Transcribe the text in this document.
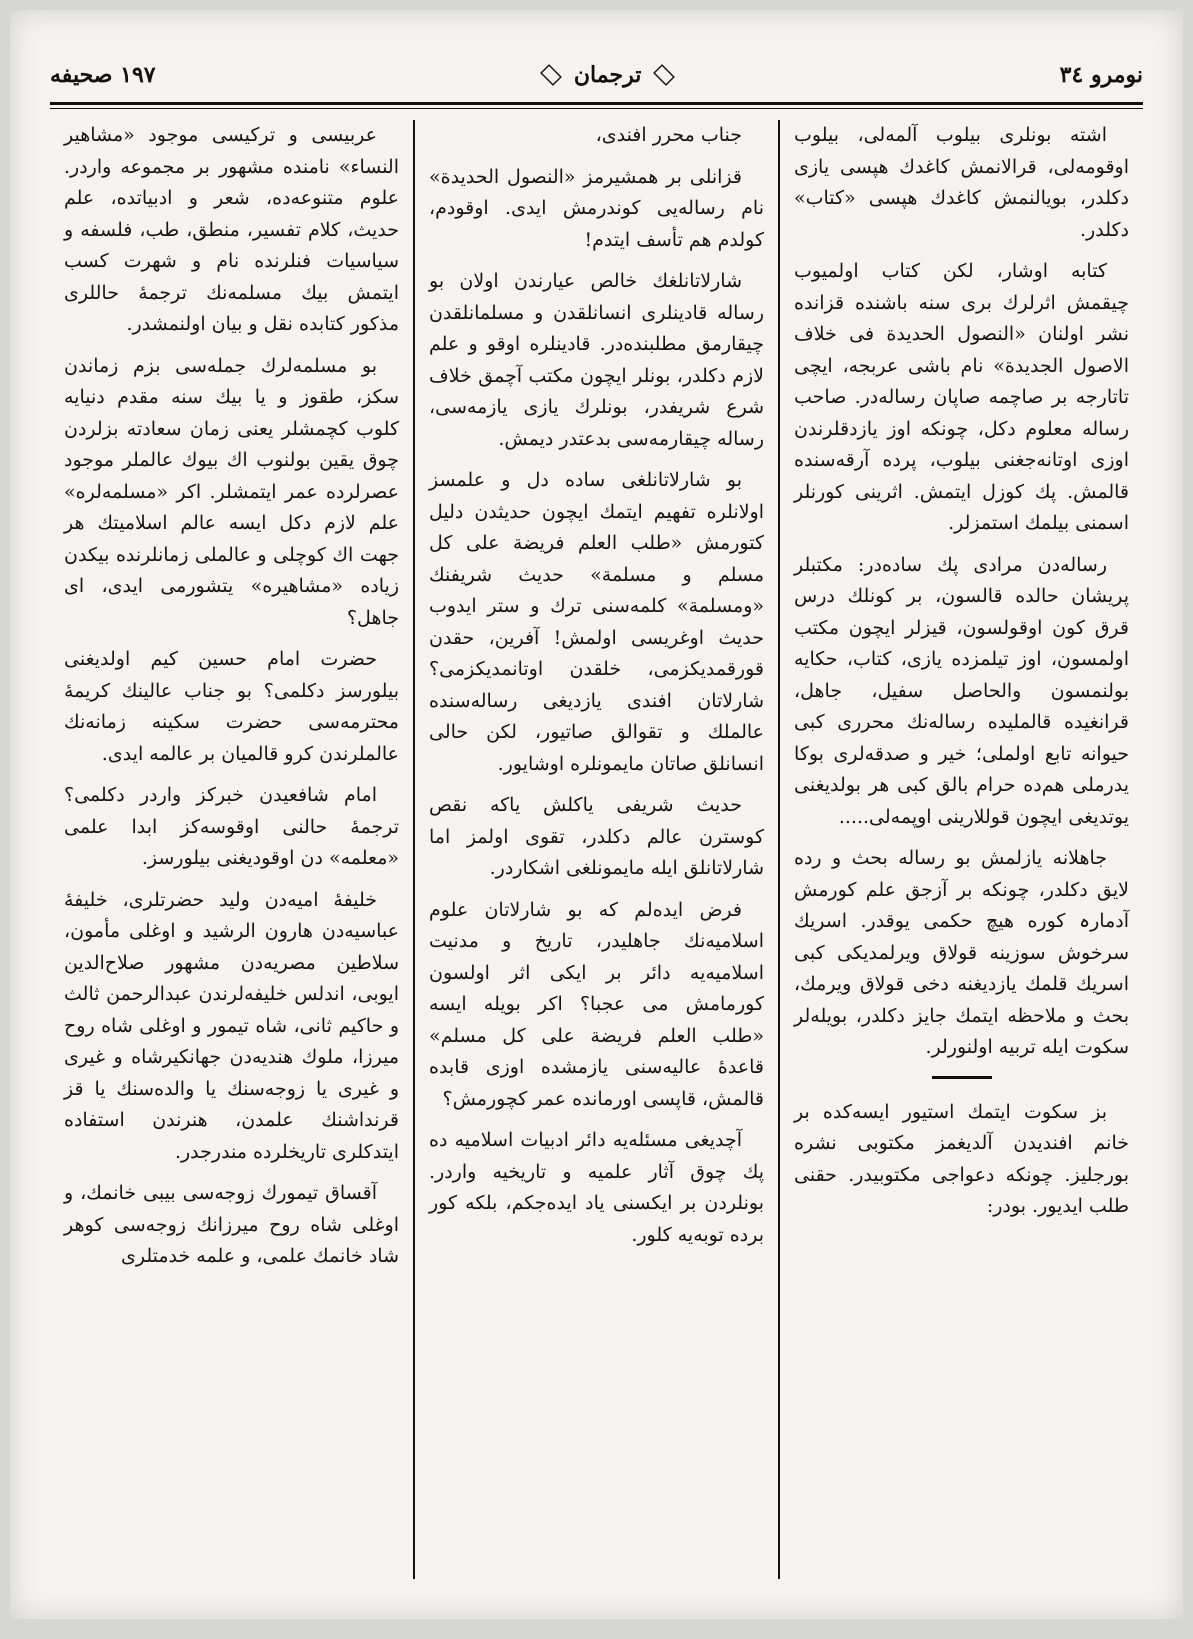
نومرو ٣٤
ترجمان
١٩٧ صحيفه

اشته بونلری بیلوب آلمه‌لی، بیلوب اوقومه‌لی، قرالانمش کاغدك هپسی یازی دکلدر، بویالنمش کاغدك هپسی «کتاب» دکلدر.

کتابه اوشار، لکن کتاب اولمیوب چیقمش اثرلرك بری سنه باشنده قزانده نشر اولنان «النصول الحدیدة فی خلاف الاصول الجدیدة» نام باشی عربجه، ایچی تاتارجه بر صاچمه صاپان رساله‌در. صاحب رساله معلوم دکل، چونکه اوز یازدقلرندن اوزی اوتانه‌جغنی بیلوب، پرده آرقه‌سنده قالمش. پك کوزل ایتمش. اثرینی کورنلر اسمنی بیلمك استمزلر.

رساله‌دن مرادی پك ساده‌در: مکتبلر پریشان حالده قالسون، بر کونلك درس قرق کون اوقولسون، قیزلر ایچون مکتب اولمسون، اوز تیلمزده یازی، کتاب، حکایه بولنمسون والحاصل سفیل، جاهل، قرانغیده قالملیده رساله‌نك محرری کبی حیوانه تابع اولملی؛ خیر و صدقه‌لری بوکا یدرملی هم‌ده حرام بالق کبی هر بولدیغنی یوتدیغی ایچون قوللارینی اوپمه‌لی.....

جاهلانه یازلمش بو رساله بحث و رده لایق دکلدر، چونکه بر آزجق علم کورمش آدمارہ کوره هیچ حکمی یوقدر. اسریك سرخوش سوزینه قولاق ویرلمدیکی کبی اسریك قلمك یازدیغنه دخی قولاق ویرمك، بحث و ملاحظه ایتمك جایز دکلدر، بویله‌لر سکوت ایله تربیه اولنورلر.

بز سکوت ایتمك استیور ایسه‌کده بر خانم افندیدن آلدیغمز مکتوبی نشره بورجلیز. چونکه دعواجی مکتوبیدر. حقنی طلب ایدیور. بودر:

جناب محرر افندی،

قزانلی بر همشیرمز «النصول الحدیدة» نام رساله‌یی کوندرمش ایدی. اوقودم، کولدم هم تأسف ایتدم!

شارلاتانلغك خالص عیارندن اولان بو رساله قادینلری انسانلقدن و مسلمانلقدن چیقارمق مطلبنده‌در. قادینلره اوقو و علم لازم دکلدر، بونلر ایچون مکتب آچمق خلاف شرع شریفدر، بونلرك یازی یازمه‌سی، رساله چیقارمه‌سی بدعتدر دیمش.

بو شارلاتانلغی ساده دل و علمسز اولانلره تفهیم ایتمك ایچون حدیثدن دلیل کتورمش «طلب العلم فریضة علی کل مسلم و مسلمة» حدیث شریفنك «ومسلمة» کلمه‌سنی ترك و ستر ایدوب حدیث اوغریسی اولمش! آفرین، حقدن قورقمدیکزمی، خلقدن اوتانمدیکزمی؟ شارلاتان افندی یازدیغی رساله‌سنده عالملك و تقوالق صاتیور، لکن حالی انسانلق صاتان مایمونلره اوشایور.

حدیث شریفی یاکلش یاکه نقص کوسترن عالم دکلدر، تقوی اولمز اما شارلاتانلق ایله مایمونلغی اشکاردر.

فرض ایده‌لم که بو شارلاتان علوم اسلامیه‌نك جاهلیدر، تاریخ و مدنیت اسلامیه‌یه دائر بر ایکی اثر اولسون کورمامش می عجبا؟ اکر بویله ایسه «طلب العلم فریضة علی کل مسلم» قاعدهٔ عالیه‌سنی یازمشده اوزی قابده قالمش، قاپسی اورمانده عمر کچورمش؟

آچدیغی مسئله‌یه دائر ادبیات اسلامیه ده پك چوق آثار علمیه و تاریخیه واردر. بونلردن بر ایکسنی یاد ایده‌جکم، بلکه کور برده توبه‌یه کلور.

عربیسی و ترکیسی موجود «مشاهیر النساء» نامنده مشهور بر مجموعه واردر. علوم متنوعه‌ده، شعر و ادبیاتده، علم حدیث، کلام تفسیر، منطق، طب، فلسفه و سیاسیات فنلرنده نام و شهرت کسب ایتمش بیك مسلمه‌نك ترجمهٔ حاللری مذکور کتابده نقل و بیان اولنمشدر.

بو مسلمه‌لرك جمله‌سی بزم زماندن سکز، طقوز و یا بیك سنه مقدم دنیایه کلوب کچمشلر یعنی زمان سعادته بزلردن چوق یقین بولنوب اك بیوك عالملر موجود عصرلرده عمر ایتمشلر. اکر «مسلمه‌لره» علم لازم دکل ایسه عالم اسلامیتك هر جهت اك کوچلی و عالملی زمانلرنده بیکدن زیاده «مشاهیره» یتشورمی ایدی، ای جاهل؟

حضرت امام حسین کیم اولدیغنی بیلورسز دکلمی؟ بو جناب عالینك کریمهٔ محترمه‌سی حضرت سکینه زمانه‌نك عالملرندن کرو قالمیان بر عالمه ایدی.

امام شافعیدن خبرکز واردر دکلمی؟ ترجمهٔ حالنی اوقوسه‌کز ابدا علمی «معلمه» دن اوقودیغنی بیلورسز.

خلیفهٔ امیه‌دن ولید حضرتلری، خلیفهٔ عباسیه‌دن هارون الرشید و اوغلی مأمون، سلاطین مصریه‌دن مشهور صلاح‌الدین ایوبی، اندلس خلیفه‌لرندن عبدالرحمن ثالث و حاکیم ثانی، شاه تیمور و اوغلی شاه روح میرزا، ملوك هندیه‌دن جهانکیرشاه و غیری و غیری یا زوجه‌سنك یا والده‌سنك یا قز قرنداشنك علمدن، هنرندن استفاده ایتدکلری تاریخلرده مندرجدر.

آقساق تیمورك زوجه‌سی بیبی خانمك، و اوغلی شاه روح میرزانك زوجه‌سی کوهر شاد خانمك علمی، و علمه خدمتلری
